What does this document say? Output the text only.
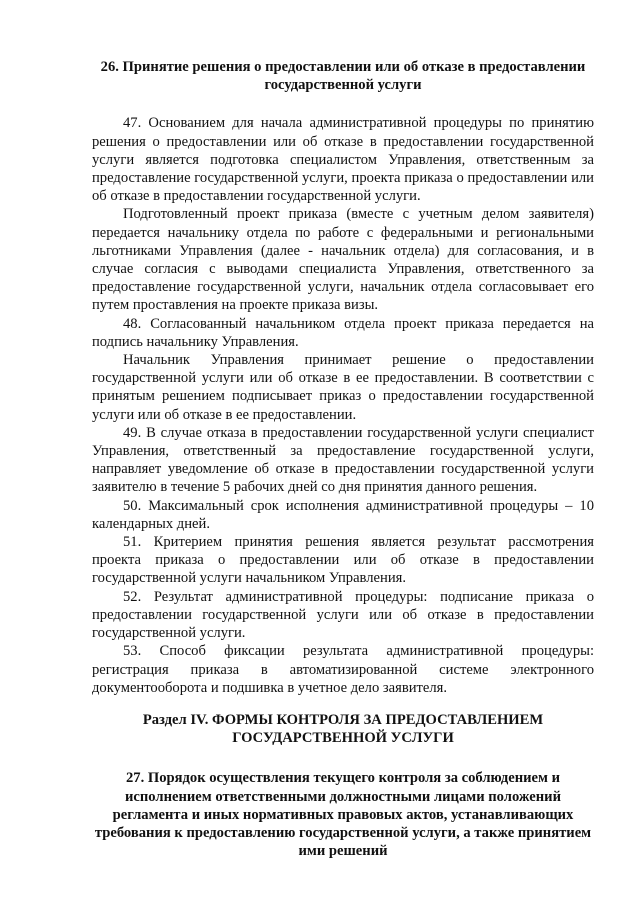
26. Принятие решения о предоставлении или об отказе в предоставлении государственной услуги

47. Основанием для начала административной процедуры по принятию решения о предоставлении или об отказе в предоставлении государственной услуги является подготовка специалистом Управления, ответственным за предоставление государственной услуги, проекта приказа о предоставлении или об отказе в предоставлении государственной услуги.

Подготовленный проект приказа (вместе с учетным делом заявителя) передается начальнику отдела по работе с федеральными и региональными льготниками Управления (далее - начальник отдела) для согласования, и в случае согласия с выводами специалиста Управления, ответственного за предоставление государственной услуги, начальник отдела согласовывает его путем проставления на проекте приказа визы.

48. Согласованный начальником отдела проект приказа передается на подпись начальнику Управления.

Начальник Управления принимает решение о предоставлении государственной услуги или об отказе в ее предоставлении. В соответствии с принятым решением подписывает приказ о предоставлении государственной услуги или об отказе в ее предоставлении.

49. В случае отказа в предоставлении государственной услуги специалист Управления, ответственный за предоставление государственной услуги, направляет уведомление об отказе в предоставлении государственной услуги заявителю в течение 5 рабочих дней со дня принятия данного решения.

50. Максимальный срок исполнения административной процедуры – 10 календарных дней.

51. Критерием принятия решения является результат рассмотрения проекта приказа о предоставлении или об отказе в предоставлении государственной услуги начальником Управления.

52. Результат административной процедуры: подписание приказа о предоставлении государственной услуги или об отказе в предоставлении государственной услуги.

53. Способ фиксации результата административной процедуры: регистрация приказа в автоматизированной системе электронного документооборота и подшивка в учетное дело заявителя.

Раздел IV. ФОРМЫ КОНТРОЛЯ ЗА ПРЕДОСТАВЛЕНИЕМ ГОСУДАРСТВЕННОЙ УСЛУГИ

27. Порядок осуществления текущего контроля за соблюдением и исполнением ответственными должностными лицами положений регламента и иных нормативных правовых актов, устанавливающих требования к предоставлению государственной услуги, а также принятием ими решений
